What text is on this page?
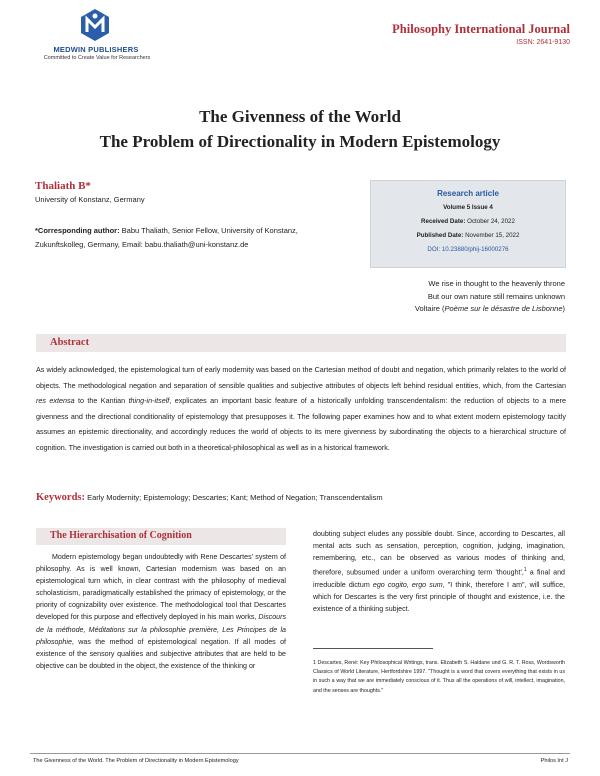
MEDWIN PUBLISHERS
Committed to Create Value for Researchers
Philosophy International Journal
ISSN: 2641-9130
The Givenness of the World
The Problem of Directionality in Modern Epistemology
Thaliath B*
University of Konstanz, Germany
*Corresponding author: Babu Thaliath, Senior Fellow, University of Konstanz, Zukunftskolleg, Germany, Email: babu.thaliath@uni-konstanz.de
Research article
Volume 5 Issue 4
Received Date: October 24, 2022
Published Date: November 15, 2022
DOI: 10.23880/phij-16000276
We rise in thought to the heavenly throne
But our own nature still remains unknown
Voltaire (Poème sur le désastre de Lisbonne)
Abstract
As widely acknowledged, the epistemological turn of early modernity was based on the Cartesian method of doubt and negation, which primarily relates to the world of objects. The methodological negation and separation of sensible qualities and subjective attributes of objects left behind residual entities, which, from the Cartesian res extensa to the Kantian thing-in-itself, explicates an important basic feature of a historically unfolding transcendentalism: the reduction of objects to a mere givenness and the directional conditionality of epistemology that presupposes it. The following paper examines how and to what extent modern epistemology tacitly assumes an epistemic directionality, and accordingly reduces the world of objects to its mere givenness by subordinating the objects to a hierarchical structure of cognition. The investigation is carried out both in a theoretical-philosophical as well as in a historical framework.
Keywords: Early Modernity; Epistemology; Descartes; Kant; Method of Negation; Transcendentalism
The Hierarchisation of Cognition
Modern epistemology began undoubtedly with Rene Descartes' system of philosophy. As is well known, Cartesian modernism was based on an epistemological turn which, in clear contrast with the philosophy of medieval scholasticism, paradigmatically established the primacy of epistemology, or the priority of cognizability over existence. The methodological tool that Descartes developed for this purpose and effectively deployed in his main works, Discours de la méthode, Méditations sur la philosophie première, Les Principes de la philosophie, was the method of epistemological negation. If all modes of existence of the sensory qualities and subjective attributes that are held to be objective can be doubted in the object, the existence of the thinking or
doubting subject eludes any possible doubt. Since, according to Descartes, all mental acts such as sensation, perception, cognition, judging, imagination, remembering, etc., can be observed as various modes of thinking and, therefore, subsumed under a uniform overarching term 'thought',$^1$ a final and irreducible dictum ego cogito, ergo sum, "I think, therefore I am", will suffice, which for Descartes is the very first principle of thought and existence, i.e. the existence of a thinking subject.
1 Descartes, René: Key Philosophical Writings, trans. Elizabeth S. Haldane und G. R. T. Ross, Wordsworth Classics of World Literature, Hertfordshire 1997. "Thought is a word that covers everything that exists in us in such a way that we are immediately conscious of it. Thus all the operations of will, intellect, imagination, and the senses are thoughts."
The Givenness of the World. The Problem of Directionality in Modern Epistemology	Philos Int J
